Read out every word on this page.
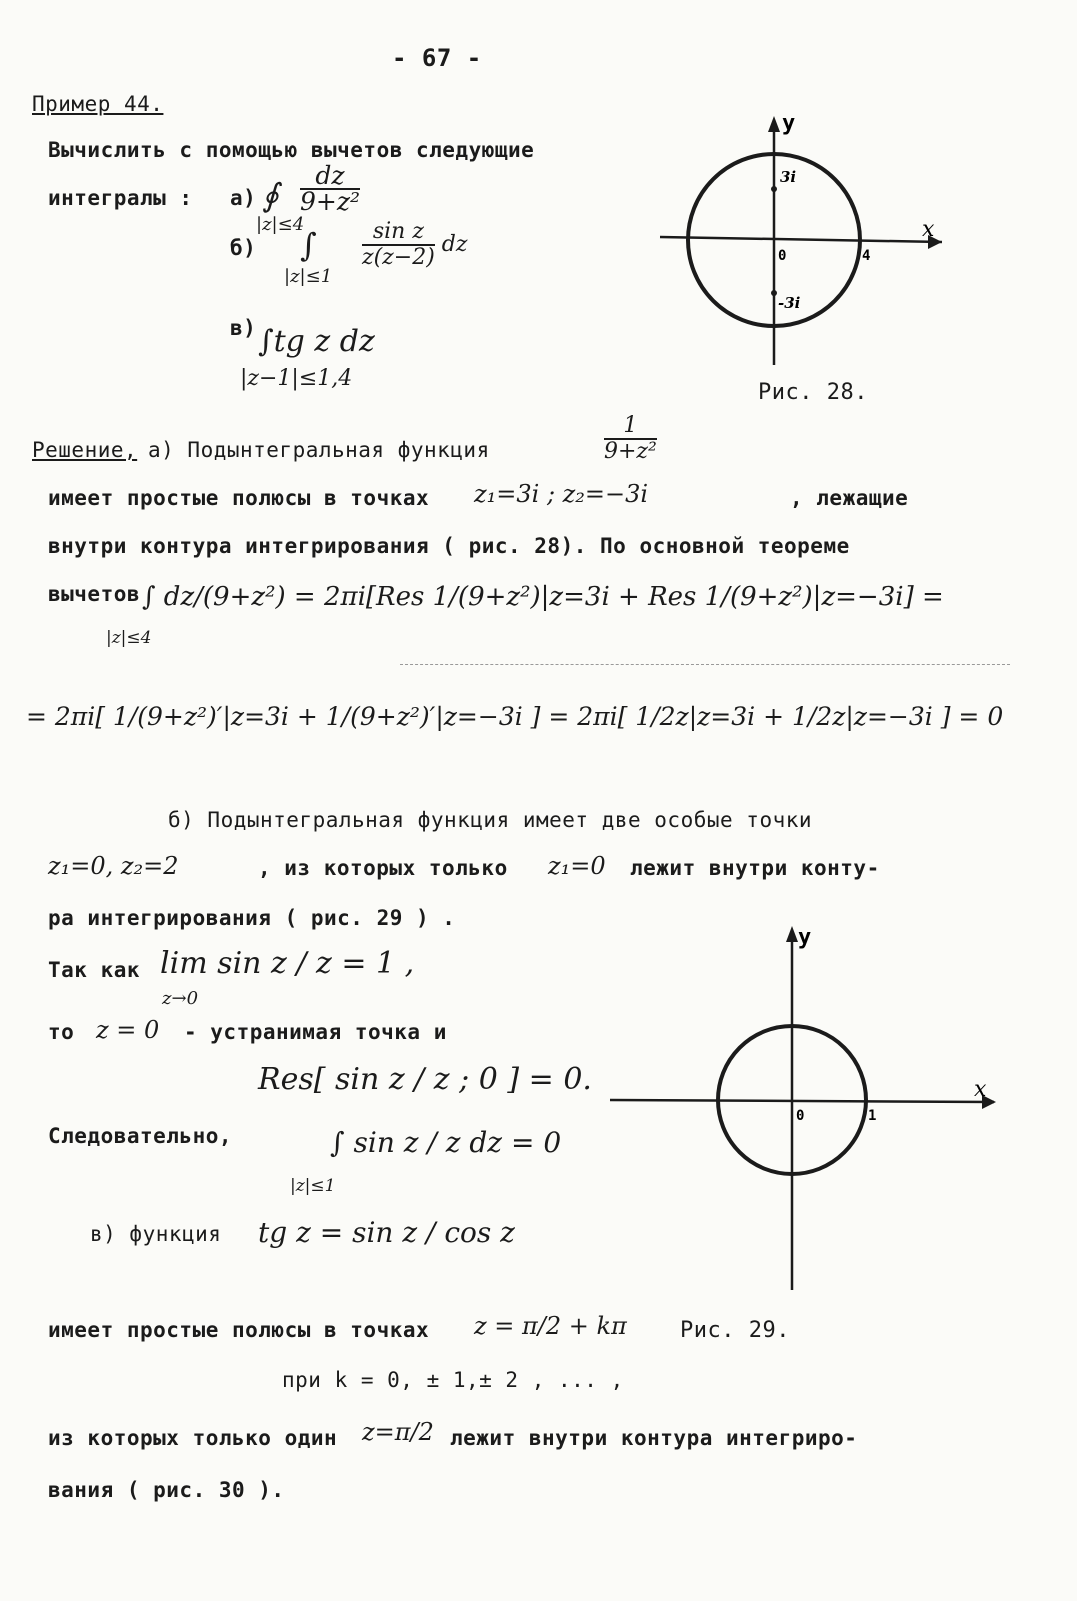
- 67 -
Пример 44.
Вычислить с помощью вычетов следующие
интегралы : а) ∮
|z|≤4
$\frac{dz}{\text{9+z²}}$
б) ∫
|z|≤1
$\frac{\text{sin z}}{z(z-2)}$ dz
в) ∫tg z dz
|z−1|≤1,4
y
x
3i
-3i
0	4
Рис. 28.
Решение, а) Подынтегральная функция	$\frac{1}{\text{9+z²}}$
имеет простые полюсы в точках z₁=3i ; z₂=−3i	, лежащие
внутри контура интегрирования ( рис. 28). По основной теореме
вычетов ∫ dz/(9+z²) = 2πi[Res 1/(9+z²)|z=3i + Res 1/(9+z²)|z=−3i] =
|z|≤4
= 2πi[ 1/(9+z²)′|z=3i + 1/(9+z²)′|z=−3i ] = 2πi[ 1/2z|z=3i + 1/2z|z=−3i ] = 0
б) Подынтегральная функция имеет две особые точки
z₁=0, z₂=2	, из которых только z₁=0 лежит внутри конту-
ра интегрирования ( рис. 29 ) .
Так как lim sin z / z = 1 ,
z→0
то z = 0 - устранимая точка и
Res[ sin z / z ; 0 ] = 0.
Следовательно,	∫ sin z / z dz = 0
|z|≤1
y
x
0	1
в) функция tg z = sin z / cos z
имеет простые полюсы в точках z = π/2 + kπ Рис. 29.
при k = 0, ± 1,± 2 , ... ,
из которых только один z=π/2 лежит внутри контура интегриро-
вания ( рис. 30 ).
